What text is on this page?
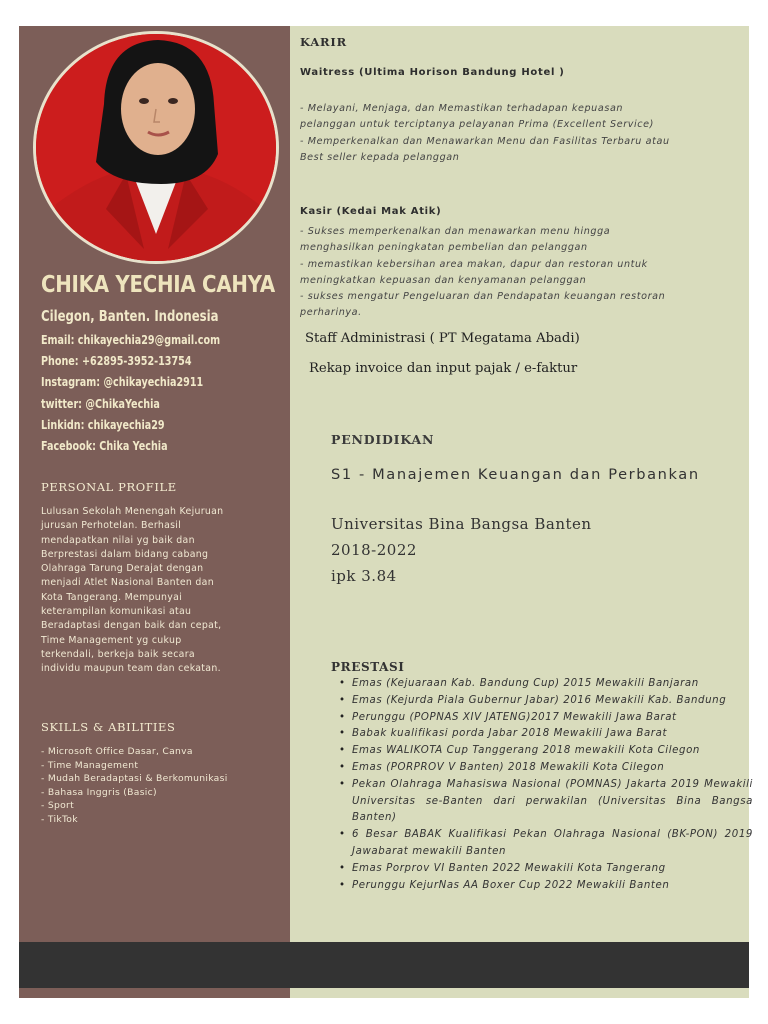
CHIKA YECHIA CAHYA
Cilegon, Banten. Indonesia
Email: chikayechia29@gmail.com
Phone: +62895-3952-13754
Instagram: @chikayechia2911
twitter: @ChikaYechia
Linkidn: chikayechia29
Facebook: Chika Yechia
PERSONAL PROFILE
Lulusan Sekolah Menengah Kejuruan
jurusan Perhotelan. Berhasil
mendapatkan nilai yg baik dan
Berprestasi dalam bidang cabang
Olahraga Tarung Derajat dengan
menjadi Atlet Nasional Banten dan
Kota Tangerang. Mempunyai
keterampilan komunikasi atau
Beradaptasi dengan baik dan cepat,
Time Management yg cukup
terkendali, berkeja baik secara
individu maupun team dan cekatan.
SKILLS & ABILITIES
- Microsoft Office Dasar, Canva
- Time Management
- Mudah Beradaptasi & Berkomunikasi
- Bahasa Inggris (Basic)
- Sport
- TikTok
KARIR
Waitress (Ultima Horison Bandung Hotel )
- Melayani, Menjaga, dan Memastikan terhadapan kepuasan
pelanggan untuk terciptanya pelayanan Prima (Excellent Service)
- Memperkenalkan dan Menawarkan Menu dan Fasilitas Terbaru atau
Best seller kepada pelanggan
Kasir (Kedai Mak Atik)
- Sukses memperkenalkan dan menawarkan menu hingga
menghasilkan peningkatan pembelian dan pelanggan
- memastikan kebersihan area makan, dapur dan restoran untuk
meningkatkan kepuasan dan kenyamanan pelanggan
- sukses mengatur Pengeluaran dan Pendapatan keuangan restoran
perharinya.
Staff Administrasi ( PT Megatama Abadi)
Rekap invoice dan input pajak / e-faktur
PENDIDIKAN
S1 - Manajemen Keuangan dan Perbankan
Universitas Bina Bangsa Banten
2018-2022
ipk 3.84
PRESTASI
• Emas (Kejuaraan Kab. Bandung Cup) 2015 Mewakili Banjaran
• Emas (Kejurda Piala Gubernur Jabar) 2016 Mewakili Kab. Bandung
• Perunggu (POPNAS XIV JATENG)2017 Mewakili Jawa Barat
• Babak kualifikasi porda Jabar 2018 Mewakili Jawa Barat
• Emas WALIKOTA Cup Tanggerang 2018 mewakili Kota Cilegon
• Emas (PORPROV V Banten) 2018 Mewakili Kota Cilegon
• Pekan Olahraga Mahasiswa Nasional (POMNAS) Jakarta 2019 Mewakili Universitas se-Banten dari perwakilan (Universitas Bina Bangsa Banten)
• 6 Besar BABAK Kualifikasi Pekan Olahraga Nasional (BK-PON) 2019 Jawabarat mewakili Banten
• Emas Porprov VI Banten 2022 Mewakili Kota Tangerang
• Perunggu KejurNas AA Boxer Cup 2022 Mewakili Banten
